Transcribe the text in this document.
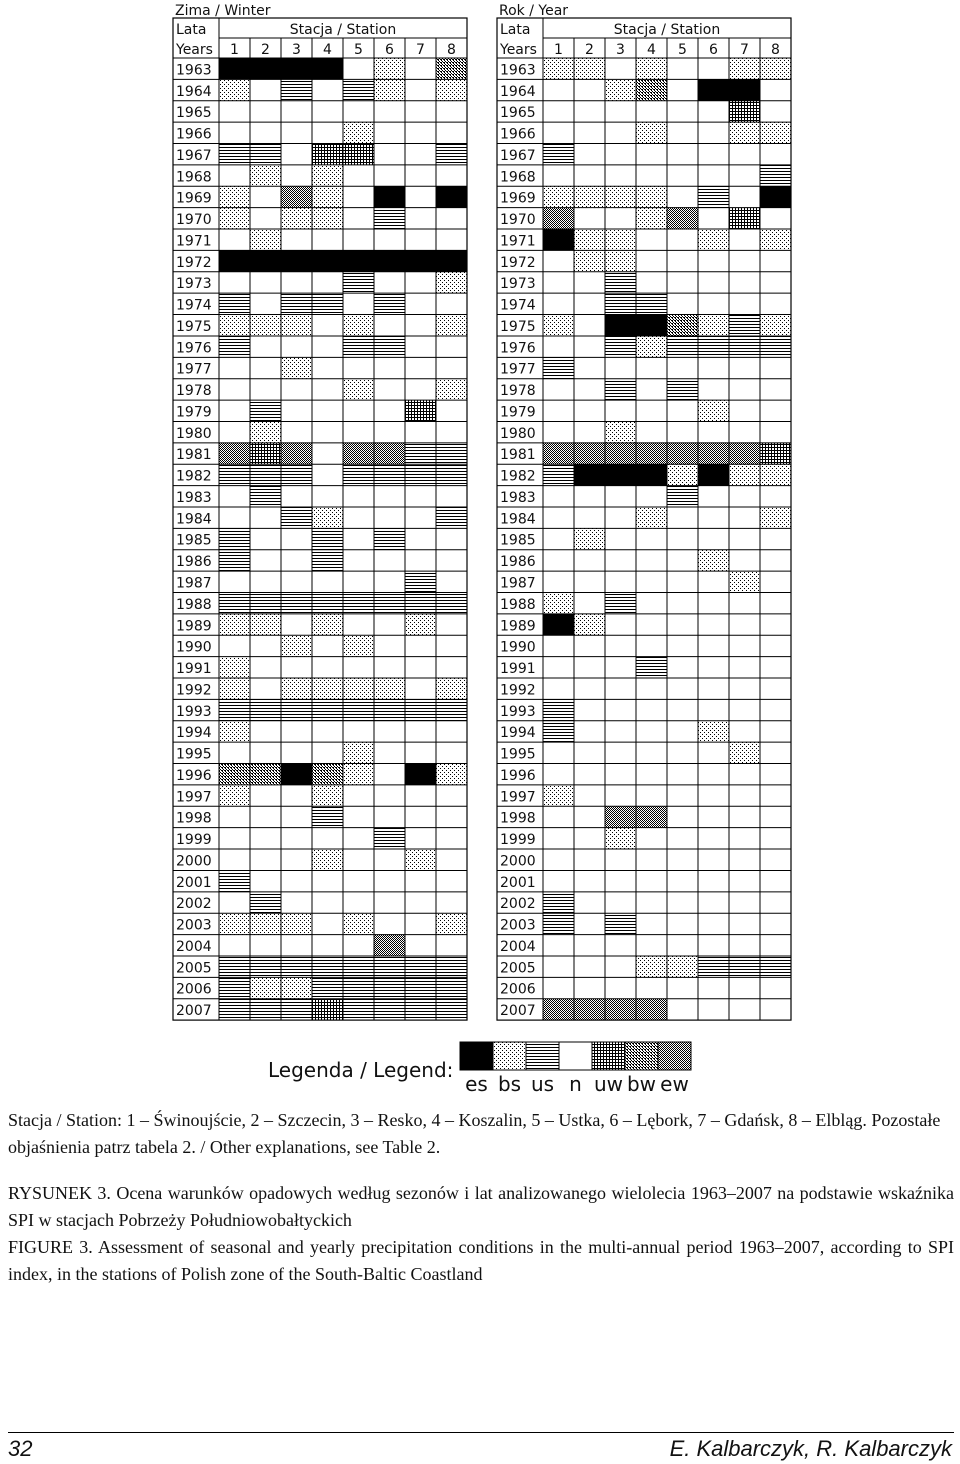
Zima / Winter
Lata
Years
Stacja / Station
1 2 3 4 5 6 7 8
1963
1964
1965
1966
1967
1968
1969
1970
1971
1972
1973
1974
1975
1976
1977
1978
1979
1980
1981
1982
1983
1984
1985
1986
1987
1988
1989
1990
1991
1992
1993
1994
1995
1996
1997
1998
1999
2000
2001
2002
2003
2004
2005
2006
2007
Rok / Year
Lata
Years
Stacja / Station
1 2 3 4 5 6 7 8
1963
1964
1965
1966
1967
1968
1969
1970
1971
1972
1973
1974
1975
1976
1977
1978
1979
1980
1981
1982
1983
1984
1985
1986
1987
1988
1989
1990
1991
1992
1993
1994
1995
1996
1997
1998
1999
2000
2001
2002
2003
2004
2005
2006
2007
Legenda / Legend:
es bs us n uw bw ew
Stacja / Station: 1 – Świnoujście, 2 – Szczecin, 3 – Resko, 4 – Koszalin, 5 – Ustka, 6 – Lębork, 7 – Gdańsk, 8 – Elbląg. Pozostałe objaśnienia patrz tabela 2. / Other explanations, see Table 2.
RYSUNEK 3. Ocena warunków opadowych według sezonów i lat analizowanego wielolecia 1963–2007 na podstawie wskaźnika SPI w stacjach Pobrzeży Południowobałtyckich
FIGURE 3. Assessment of seasonal and yearly precipitation conditions in the multi-annual period 1963–2007, according to SPI index, in the stations of Polish zone of the South-Baltic Coastland
32	E. Kalbarczyk, R. Kalbarczyk
